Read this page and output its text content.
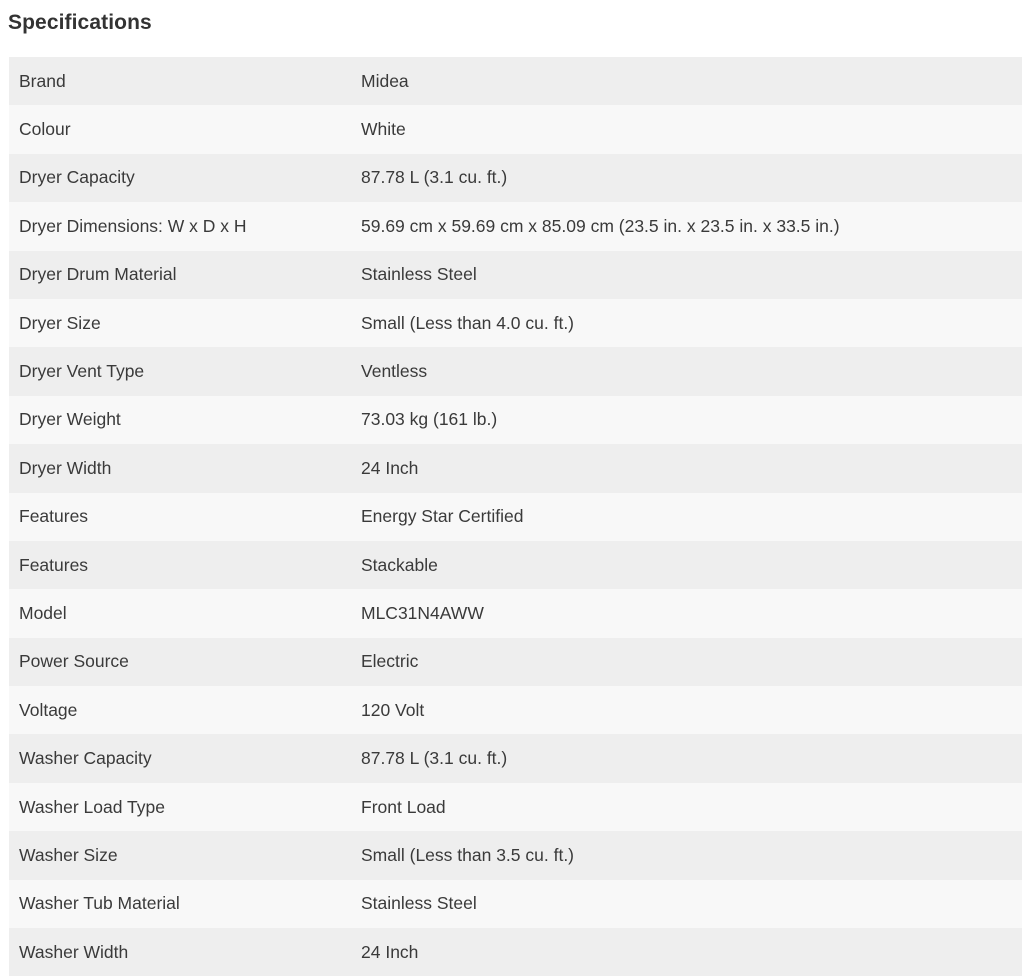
Specifications
Brand	Midea
Colour	White
Dryer Capacity	87.78 L (3.1 cu. ft.)
Dryer Dimensions: W x D x H	59.69 cm x 59.69 cm x 85.09 cm (23.5 in. x 23.5 in. x 33.5 in.)
Dryer Drum Material	Stainless Steel
Dryer Size	Small (Less than 4.0 cu. ft.)
Dryer Vent Type	Ventless
Dryer Weight	73.03 kg (161 lb.)
Dryer Width	24 Inch
Features	Energy Star Certified
Features	Stackable
Model	MLC31N4AWW
Power Source	Electric
Voltage	120 Volt
Washer Capacity	87.78 L (3.1 cu. ft.)
Washer Load Type	Front Load
Washer Size	Small (Less than 3.5 cu. ft.)
Washer Tub Material	Stainless Steel
Washer Width	24 Inch
